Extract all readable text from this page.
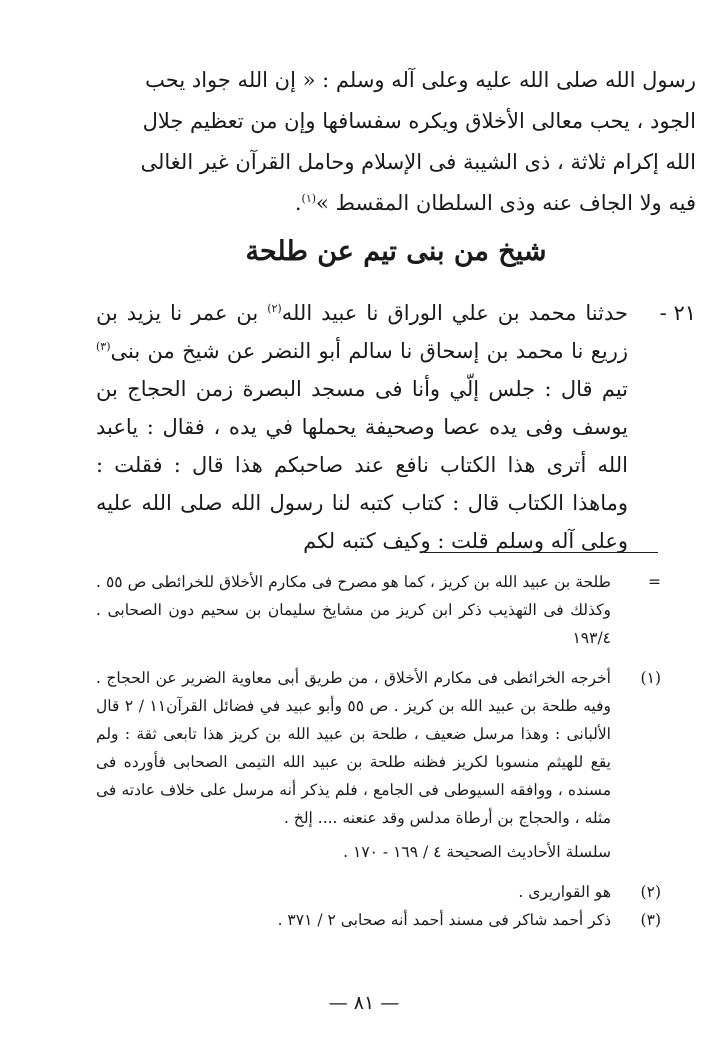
رسول الله صلى الله عليه وعلى آله وسلم : « إن الله جواد يحب

الجود ، يحب معالى الأخلاق ويكره سفسافها وإن من تعظيم جلال

الله إكرام ثلاثة ، ذى الشيبة فى الإسلام وحامل القرآن غير الغالى

فيه ولا الجاف عنه وذى السلطان المقسط »$^{(١)}$.

شيخ من بنى تيم عن طلحة
٢١ -
حدثنا محمد بن علي الوراق نا عبيد الله$^{(٢)}$ بن عمر نا يزيد بن زريع نا محمد بن إسحاق نا سالم أبو النضر عن شيخ من بنى$^{(٣)}$ تيم قال : جلس إلّي وأنا فى مسجد البصرة زمن الحجاج بن يوسف وفى يده عصا وصحيفة يحملها في يده ، فقال : ياعبد الله أترى هذا الكتاب نافع عند صاحبكم هذا قال : فقلت : وماهذا الكتاب قال : كتاب كتبه لنا رسول الله صلى الله عليه وعلى آله وسلم قلت : وكيف كتبه لكم
=
طلحة بن عبيد الله بن كريز ، كما هو مصرح فى مكارم الأخلاق للخرائطى ص ٥٥ . وكذلك فى التهذيب ذكر ابن كريز من مشايخ سليمان بن سحيم دون الصحابى . ١٩٣/٤
(١)
أخرجه الخرائطى فى مكارم الأخلاق ، من طريق أبى معاوية الضرير عن الحجاج . وفيه طلحة بن عبيد الله بن كريز . ص ٥٥ وأبو عبيد في فضائل القرآن١١ / ٢ قال الألبانى : وهذا مرسل ضعيف ، طلحة بن عبيد الله بن كريز هذا تابعى ثقة : ولم يقع للهيثم منسوبا لكريز فظنه طلحة بن عبيد الله التيمى الصحابى فأورده فى مسنده ، ووافقه السيوطى فى الجامع ، فلم يذكر أنه مرسل على خلاف عادته فى مثله ، والحجاج بن أرطاة مدلس وقد عنعنه .... إلخ .
سلسلة الأحاديث الصحيحة ٤ / ١٦٩ - ١٧٠ .
(٢)
هو القواريرى .
(٣)
ذكر أحمد شاكر فى مسند أحمد أنه صحابى ٢ / ٣٧١ .
— ٨١ —
